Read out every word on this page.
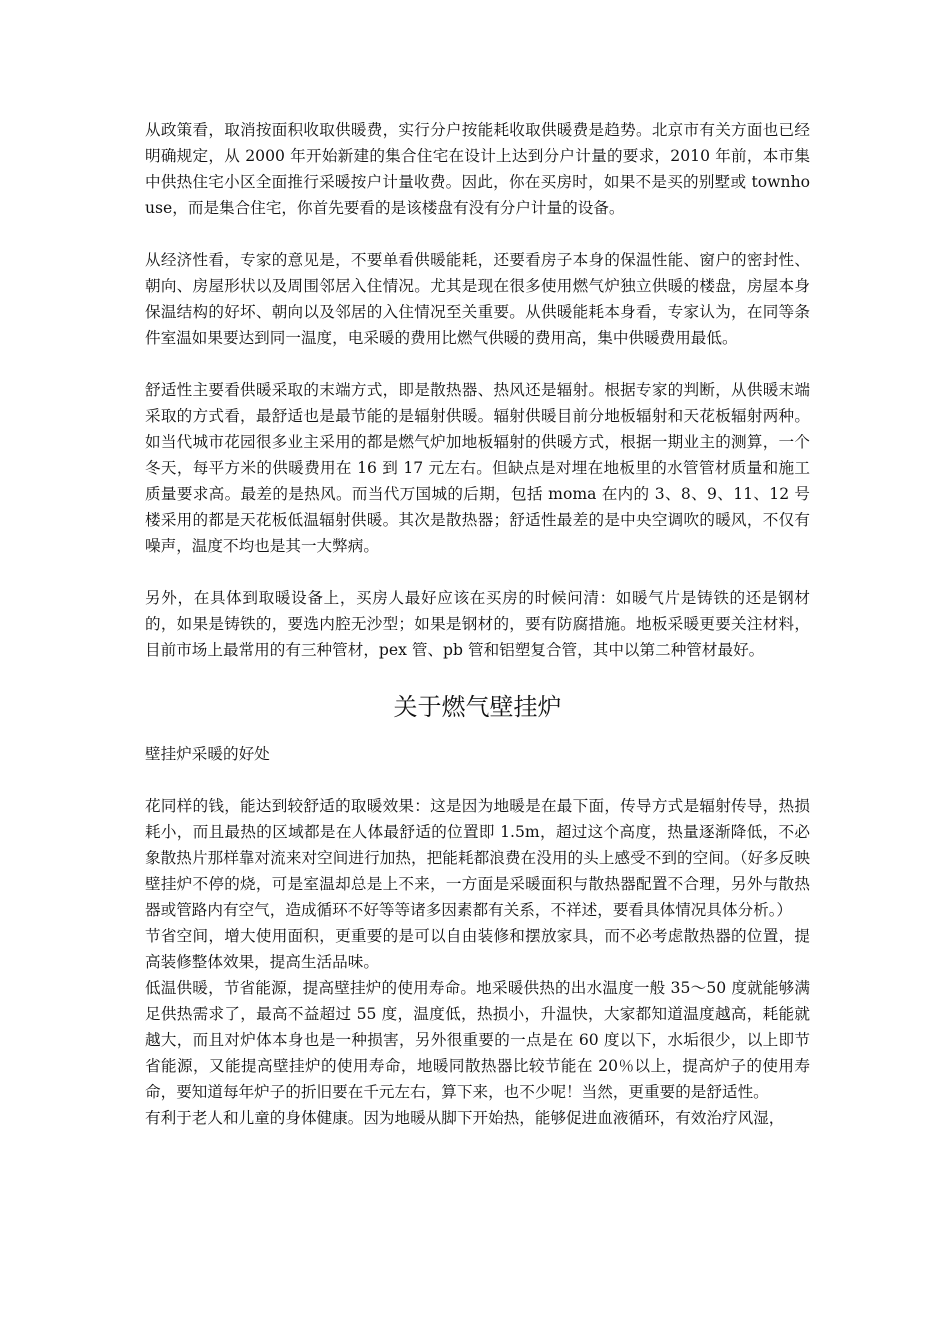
从政策看，取消按面积收取供暖费，实行分户按能耗收取供暖费是趋势。北京市有关方面也已经明确规定，从 2000 年开始新建的集合住宅在设计上达到分户计量的要求，2010 年前，本市集中供热住宅小区全面推行采暖按户计量收费。因此，你在买房时，如果不是买的别墅或 townhouse，而是集合住宅，你首先要看的是该楼盘有没有分户计量的设备。

从经济性看，专家的意见是，不要单看供暖能耗，还要看房子本身的保温性能、窗户的密封性、朝向、房屋形状以及周围邻居入住情况。尤其是现在很多使用燃气炉独立供暖的楼盘，房屋本身保温结构的好坏、朝向以及邻居的入住情况至关重要。从供暖能耗本身看，专家认为，在同等条件室温如果要达到同一温度，电采暖的费用比燃气供暖的费用高，集中供暖费用最低。

舒适性主要看供暖采取的末端方式，即是散热器、热风还是辐射。根据专家的判断，从供暖末端采取的方式看，最舒适也是最节能的是辐射供暖。辐射供暖目前分地板辐射和天花板辐射两种。如当代城市花园很多业主采用的都是燃气炉加地板辐射的供暖方式，根据一期业主的测算，一个冬天，每平方米的供暖费用在 16 到 17 元左右。但缺点是对埋在地板里的水管管材质量和施工质量要求高。最差的是热风。而当代万国城的后期，包括 moma 在内的 3、8、9、11、12 号楼采用的都是天花板低温辐射供暖。其次是散热器；舒适性最差的是中央空调吹的暖风，不仅有噪声，温度不均也是其一大弊病。

另外，在具体到取暖设备上，买房人最好应该在买房的时候问清：如暖气片是铸铁的还是钢材的，如果是铸铁的，要选内腔无沙型；如果是钢材的，要有防腐措施。地板采暖更要关注材料，目前市场上最常用的有三种管材，pex 管、pb 管和铝塑复合管，其中以第二种管材最好。

关于燃气壁挂炉

壁挂炉采暖的好处

花同样的钱，能达到较舒适的取暖效果：这是因为地暖是在最下面，传导方式是辐射传导，热损耗小，而且最热的区域都是在人体最舒适的位置即 1.5m，超过这个高度，热量逐渐降低，不必象散热片那样靠对流来对空间进行加热，把能耗都浪费在没用的头上感受不到的空间。（好多反映壁挂炉不停的烧，可是室温却总是上不来，一方面是采暖面积与散热器配置不合理，另外与散热器或管路内有空气，造成循环不好等等诸多因素都有关系，不祥述，要看具体情况具体分析。）

节省空间，增大使用面积，更重要的是可以自由装修和摆放家具，而不必考虑散热器的位置，提高装修整体效果，提高生活品味。

低温供暖，节省能源，提高壁挂炉的使用寿命。地采暖供热的出水温度一般 35～50 度就能够满足供热需求了，最高不益超过 55 度，温度低，热损小，升温快，大家都知道温度越高，耗能就越大，而且对炉体本身也是一种损害，另外很重要的一点是在 60 度以下，水垢很少，以上即节省能源，又能提高壁挂炉的使用寿命，地暖同散热器比较节能在 20％以上，提高炉子的使用寿命，要知道每年炉子的折旧要在千元左右，算下来，也不少呢！当然，更重要的是舒适性。

有利于老人和儿童的身体健康。因为地暖从脚下开始热，能够促进血液循环，有效治疗风湿，
